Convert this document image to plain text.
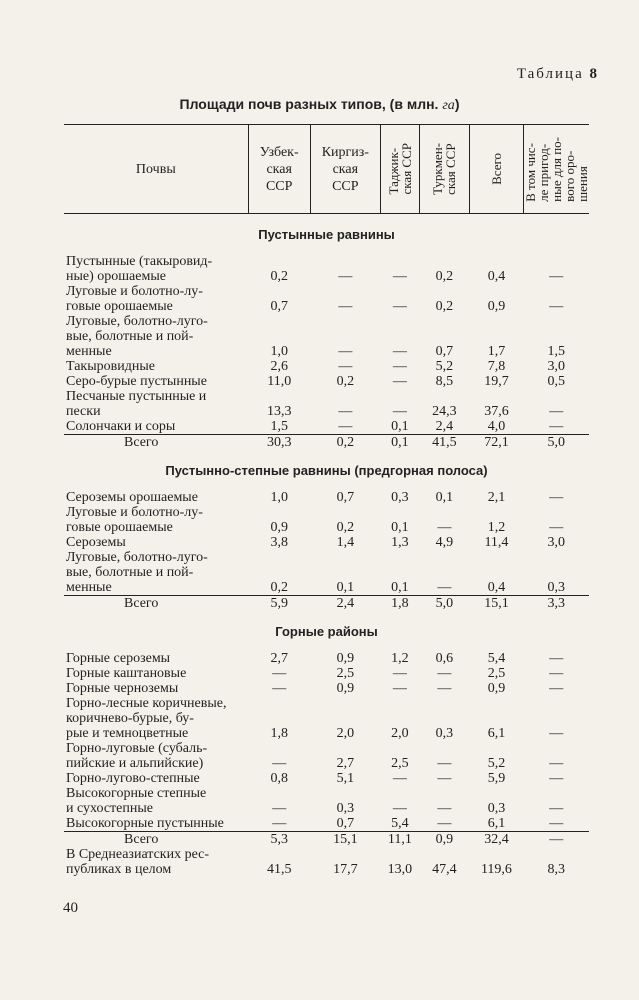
Таблица 8
Площади почв разных типов, (в млн. га)
Почвы	Узбек-
ская
ССР	Киргиз-
ская
ССР	Таджик-
ская ССР	Туркмен-
ская ССР	Всего	В том чис-
ле пригод-
ные для по-
вого оро-
шения

Пустынные равнины						
Пустынные (такыровид-
ные) орошаемые	0,2	—	—	0,2	0,4	—
Луговые и болотно-лу-
говые орошаемые	0,7	—	—	0,2	0,9	—
Луговые, болотно-луго-
вые, болотные и пой-
менные	1,0	—	—	0,7	1,7	1,5
Такыровидные	2,6	—	—	5,2	7,8	3,0
Серо-бурые пустынные	11,0	0,2	—	8,5	19,7	0,5
Песчаные пустынные и
пески	13,3	—	—	24,3	37,6	—
Солончаки и соры	1,5	—	0,1	2,4	4,0	—
Всего	30,3	0,2	0,1	41,5	72,1	5,0
Пустынно-степные равнины (предгорная полоса)						
Сероземы орошаемые	1,0	0,7	0,3	0,1	2,1	—
Луговые и болотно-лу-
говые орошаемые	0,9	0,2	0,1	—	1,2	—
Сероземы	3,8	1,4	1,3	4,9	11,4	3,0
Луговые, болотно-луго-
вые, болотные и пой-
менные	0,2	0,1	0,1	—	0,4	0,3
Всего	5,9	2,4	1,8	5,0	15,1	3,3
Горные районы						
Горные сероземы	2,7	0,9	1,2	0,6	5,4	—
Горные каштановые	—	2,5	—	—	2,5	—
Горные черноземы	—	0,9	—	—	0,9	—
Горно-лесные коричневые,
коричнево-бурые, бу-
рые и темноцветные	1,8	2,0	2,0	0,3	6,1	—
Горно-луговые (субаль-
пийские и альпийские)	—	2,7	2,5	—	5,2	—
Горно-лугово-степные	0,8	5,1	—	—	5,9	—
Высокогорные степные
и сухостепные	—	0,3	—	—	0,3	—
Высокогорные пустынные	—	0,7	5,4	—	6,1	—
Всего	5,3	15,1	11,1	0,9	32,4	—
В Среднеазиатских рес-
публиках в целом	41,5	17,7	13,0	47,4	119,6	8,3
40
